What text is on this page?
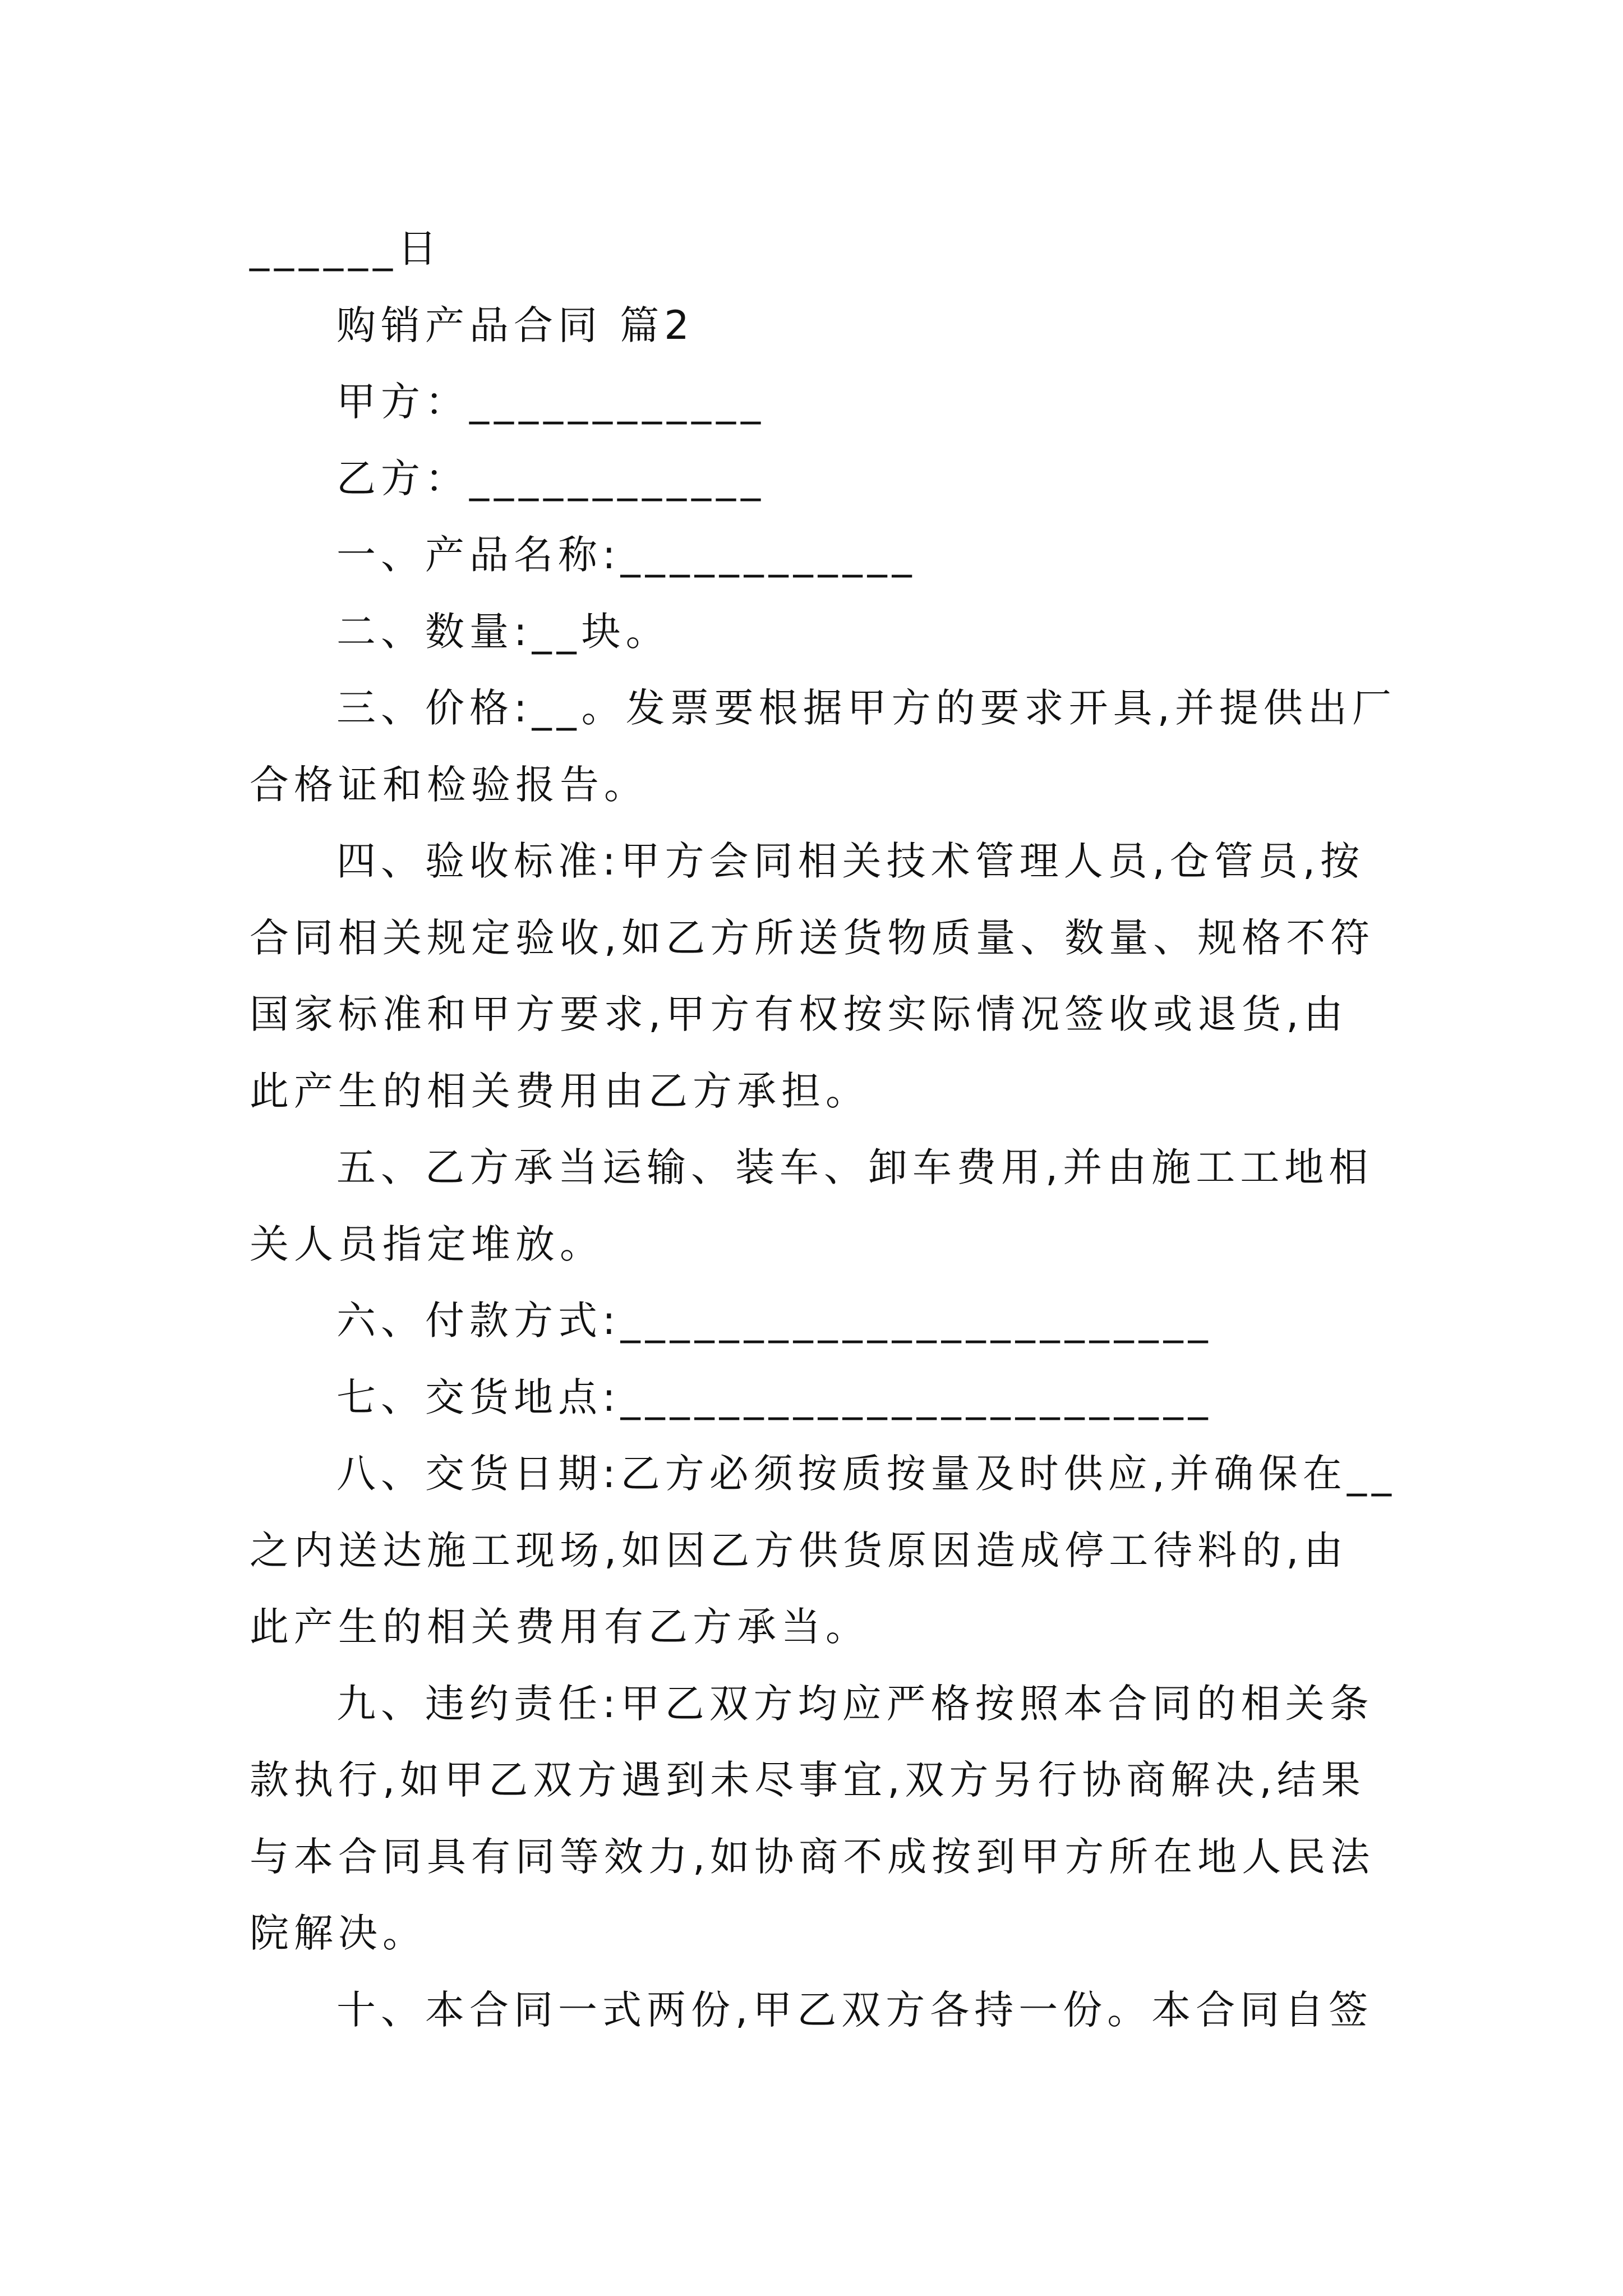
______日
购销产品合同 篇2
甲方：____________
乙方：____________
一、产品名称:____________
二、数量:__块。
三、价格:__。发票要根据甲方的要求开具,并提供出厂
合格证和检验报告。
四、验收标准:甲方会同相关技术管理人员,仓管员,按
合同相关规定验收,如乙方所送货物质量、数量、规格不符
国家标准和甲方要求,甲方有权按实际情况签收或退货,由
此产生的相关费用由乙方承担。
五、乙方承当运输、装车、卸车费用,并由施工工地相
关人员指定堆放。
六、付款方式:________________________
七、交货地点:________________________
八、交货日期:乙方必须按质按量及时供应,并确保在__
之内送达施工现场,如因乙方供货原因造成停工待料的,由
此产生的相关费用有乙方承当。
九、违约责任:甲乙双方均应严格按照本合同的相关条
款执行,如甲乙双方遇到未尽事宜,双方另行协商解决,结果
与本合同具有同等效力,如协商不成按到甲方所在地人民法
院解决。
十、本合同一式两份,甲乙双方各持一份。本合同自签
